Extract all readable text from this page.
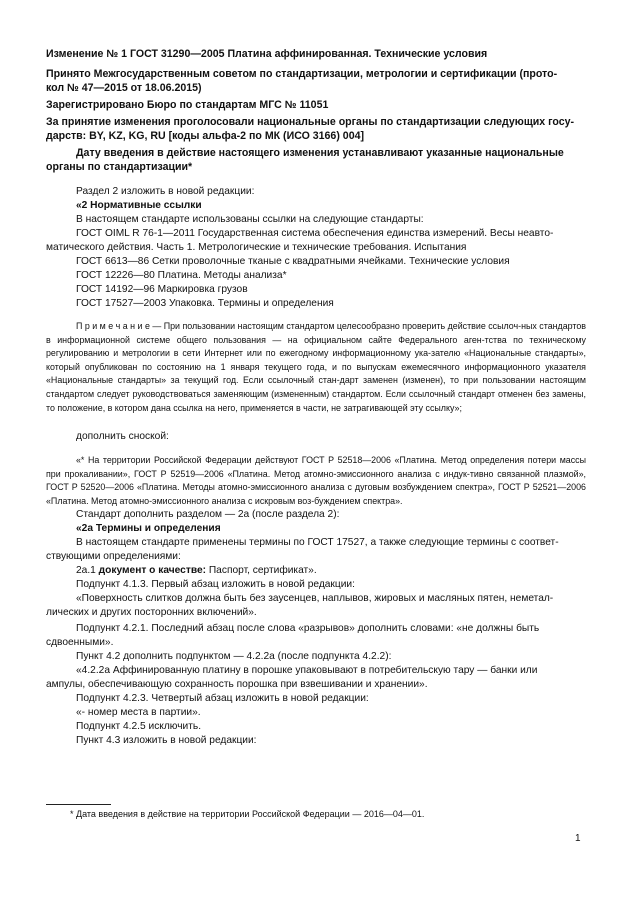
Изменение № 1 ГОСТ 31290—2005 Платина аффинированная. Технические условия
Принято Межгосударственным советом по стандартизации, метрологии и сертификации (прото-
кол № 47—2015 от 18.06.2015)
Зарегистрировано Бюро по стандартам МГС № 11051
За принятие изменения проголосовали национальные органы по стандартизации следующих госу-
дарств: BY, KZ, KG, RU [коды альфа-2 по МК (ИСО 3166) 004]
Дату введения в действие настоящего изменения устанавливают указанные национальные
органы по стандартизации*
Раздел 2 изложить в новой редакции:
«2 Нормативные ссылки
В настоящем стандарте использованы ссылки на следующие стандарты:
ГОСТ OIML R 76-1—2011 Государственная система обеспечения единства измерений. Весы неавто-
матического действия. Часть 1. Метрологические и технические требования. Испытания
ГОСТ 6613—86 Сетки проволочные тканые с квадратными ячейками. Технические условия
ГОСТ 12226—80 Платина. Методы анализа*
ГОСТ 14192—96 Маркировка грузов
ГОСТ 17527—2003 Упаковка. Термины и определения
П р и м е ч а н и е — При пользовании настоящим стандартом целесообразно проверить действие ссылоч-ных стандартов в информационной системе общего пользования — на официальном сайте Федерального аген-тства по техническому регулированию и метрологии в сети Интернет или по ежегодному информационному ука-зателю «Национальные стандарты», который опубликован по состоянию на 1 января текущего года, и по выпускам ежемесячного информационного указателя «Национальные стандарты» за текущий год. Если ссылочный стан-дарт заменен (изменен), то при пользовании настоящим стандартом следует руководствоваться заменяющим (измененным) стандартом. Если ссылочный стандарт отменен без замены, то положение, в котором дана ссылка на него, применяется в части, не затрагивающей эту ссылку»;
дополнить сноской:
«* На территории Российской Федерации действуют ГОСТ Р 52518—2006 «Платина. Метод определения потери массы при прокаливании», ГОСТ Р 52519—2006 «Платина. Метод атомно-эмиссионного анализа с индук-тивно связанной плазмой», ГОСТ Р 52520—2006 «Платина. Методы атомно-эмиссионного анализа с дуговым возбуждением спектра», ГОСТ Р 52521—2006 «Платина. Метод атомно-эмиссионного анализа с искровым воз-буждением спектра».
Стандарт дополнить разделом — 2а (после раздела 2):
«2а Термины и определения
В настоящем стандарте применены термины по ГОСТ 17527, а также следующие термины с соответ-
ствующими определениями:
2а.1 документ о качестве: Паспорт, сертификат».
Подпункт 4.1.3. Первый абзац изложить в новой редакции:
«Поверхность слитков должна быть без заусенцев, наплывов, жировых и масляных пятен, неметал-
лических и других посторонних включений».
Подпункт 4.2.1. Последний абзац после слова «разрывов» дополнить словами: «не должны быть
сдвоенными».
Пункт 4.2 дополнить подпунктом — 4.2.2а (после подпункта 4.2.2):
«4.2.2а Аффинированную платину в порошке упаковывают в потребительскую тару — банки или
ампулы, обеспечивающую сохранность порошка при взвешивании и хранении».
Подпункт 4.2.3. Четвертый абзац изложить в новой редакции:
«- номер места в партии».
Подпункт 4.2.5 исключить.
Пункт 4.3 изложить в новой редакции:
* Дата введения в действие на территории Российской Федерации — 2016—04—01.
1
